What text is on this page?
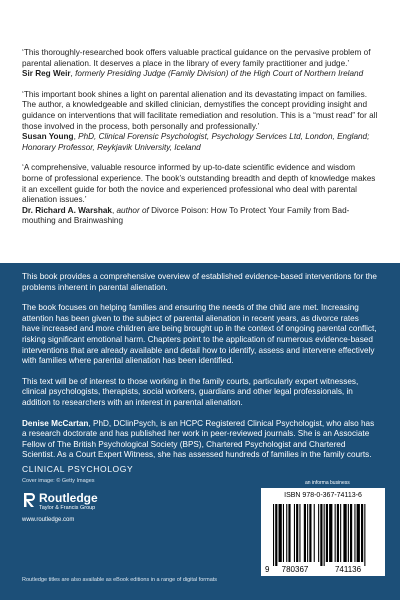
‘This thoroughly-researched book offers valuable practical guidance on the pervasive problem of parental alienation. It deserves a place in the library of every family practitioner and judge.’

Sir Reg Weir, formerly Presiding Judge (Family Division) of the High Court of Northern Ireland

‘This important book shines a light on parental alienation and its devastating impact on families. The author, a knowledgeable and skilled clinician, demystifies the concept providing insight and guidance on interventions that will facilitate remediation and resolution. This is a “must read” for all those involved in the process, both personally and professionally.’

Susan Young, PhD, Clinical Forensic Psychologist, Psychology Services Ltd, London, England; Honorary Professor, Reykjavik University, Iceland

‘A comprehensive, valuable resource informed by up-to-date scientific evidence and wisdom borne of professional experience. The book’s outstanding breadth and depth of knowledge makes it an excellent guide for both the novice and experienced professional who deal with parental alienation issues.’

Dr. Richard A. Warshak, author of Divorce Poison: How To Protect Your Family from Bad-mouthing and Brainwashing

This book provides a comprehensive overview of established evidence-based interventions for the problems inherent in parental alienation.

The book focuses on helping families and ensuring the needs of the child are met. Increasing attention has been given to the subject of parental alienation in recent years, as divorce rates have increased and more children are being brought up in the context of ongoing parental conflict, risking significant emotional harm. Chapters point to the application of numerous evidence-based interventions that are already available and detail how to identify, assess and intervene effectively with families where parental alienation has been identified.

This text will be of interest to those working in the family courts, particularly expert witnesses, clinical psychologists, therapists, social workers, guardians and other legal professionals, in addition to researchers with an interest in parental alienation.

Denise McCartan, PhD, DClinPsych, is an HCPC Registered Clinical Psychologist, who also has a research doctorate and has published her work in peer-reviewed journals. She is an Associate Fellow of The British Psychological Society (BPS), Chartered Psychologist and Chartered Scientist. As a Court Expert Witness, she has assessed hundreds of families in the family courts.

CLINICAL PSYCHOLOGY
Cover image: © Getty Images
Routledge
Taylor & Francis Group
www.routledge.com
an informa business
ISBN 978-0-367-74113-6
9 780367	741136
Routledge titles are also available as eBook editions in a range of digital formats
